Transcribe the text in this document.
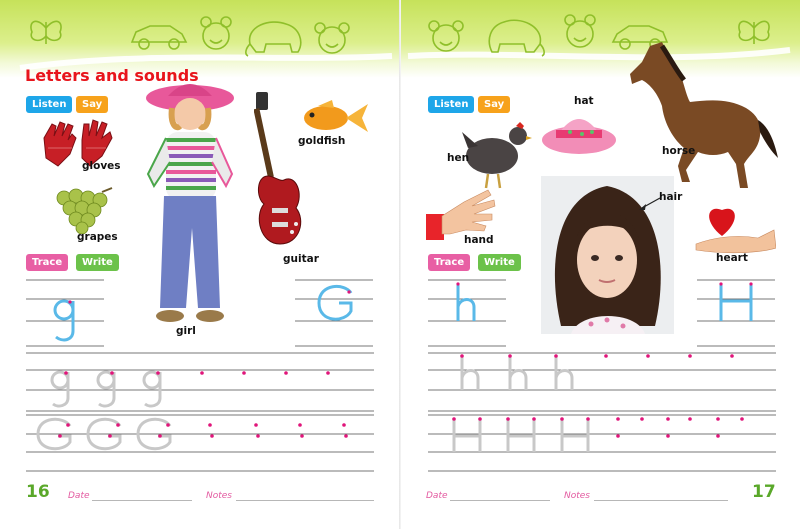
Letters and sounds
Listen	Say
gloves
grapes
girl
guitar
goldfish
Trace	Write
16 Date	Notes
Listen	Say
hen
hat
horse
hand
hair
heart
Trace	Write
Date	Notes	17
